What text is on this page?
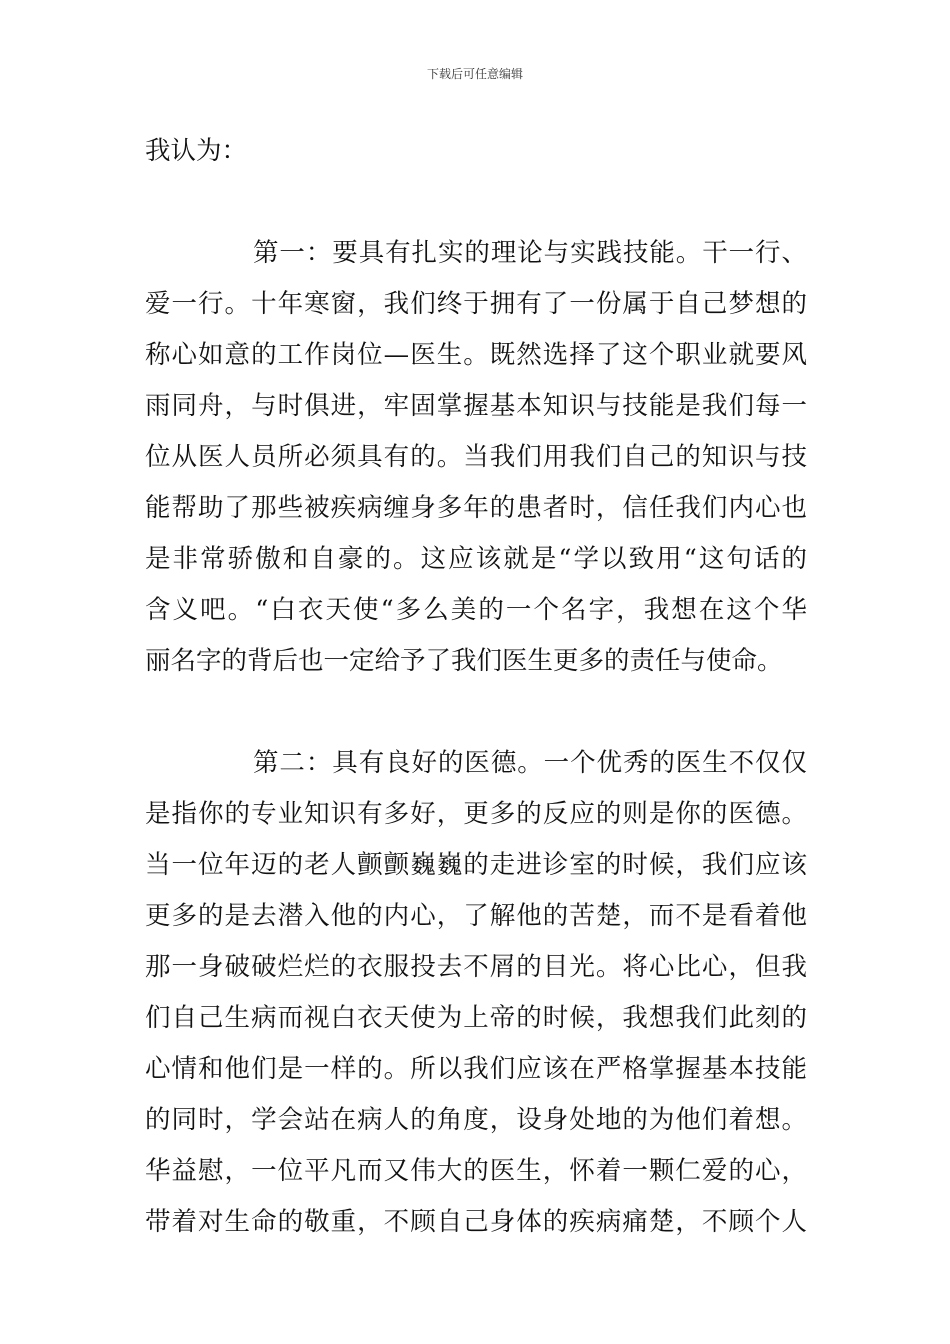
下载后可任意编辑
我认为：
第一：要具有扎实的理论与实践技能。干一行、
爱一行。十年寒窗，我们终于拥有了一份属于自己梦想的
称心如意的工作岗位—医生。既然选择了这个职业就要风
雨同舟，与时俱进，牢固掌握基本知识与技能是我们每一
位从医人员所必须具有的。当我们用我们自己的知识与技
能帮助了那些被疾病缠身多年的患者时，信任我们内心也
是非常骄傲和自豪的。这应该就是“学以致用“这句话的
含义吧。“白衣天使“多么美的一个名字，我想在这个华
丽名字的背后也一定给予了我们医生更多的责任与使命。
第二：具有良好的医德。一个优秀的医生不仅仅
是指你的专业知识有多好，更多的反应的则是你的医德。
当一位年迈的老人颤颤巍巍的走进诊室的时候，我们应该
更多的是去潜入他的内心，了解他的苦楚，而不是看着他
那一身破破烂烂的衣服投去不屑的目光。将心比心，但我
们自己生病而视白衣天使为上帝的时候，我想我们此刻的
心情和他们是一样的。所以我们应该在严格掌握基本技能
的同时，学会站在病人的角度，设身处地的为他们着想。
华益慰，一位平凡而又伟大的医生，怀着一颗仁爱的心，
带着对生命的敬重，不顾自己身体的疾病痛楚，不顾个人
